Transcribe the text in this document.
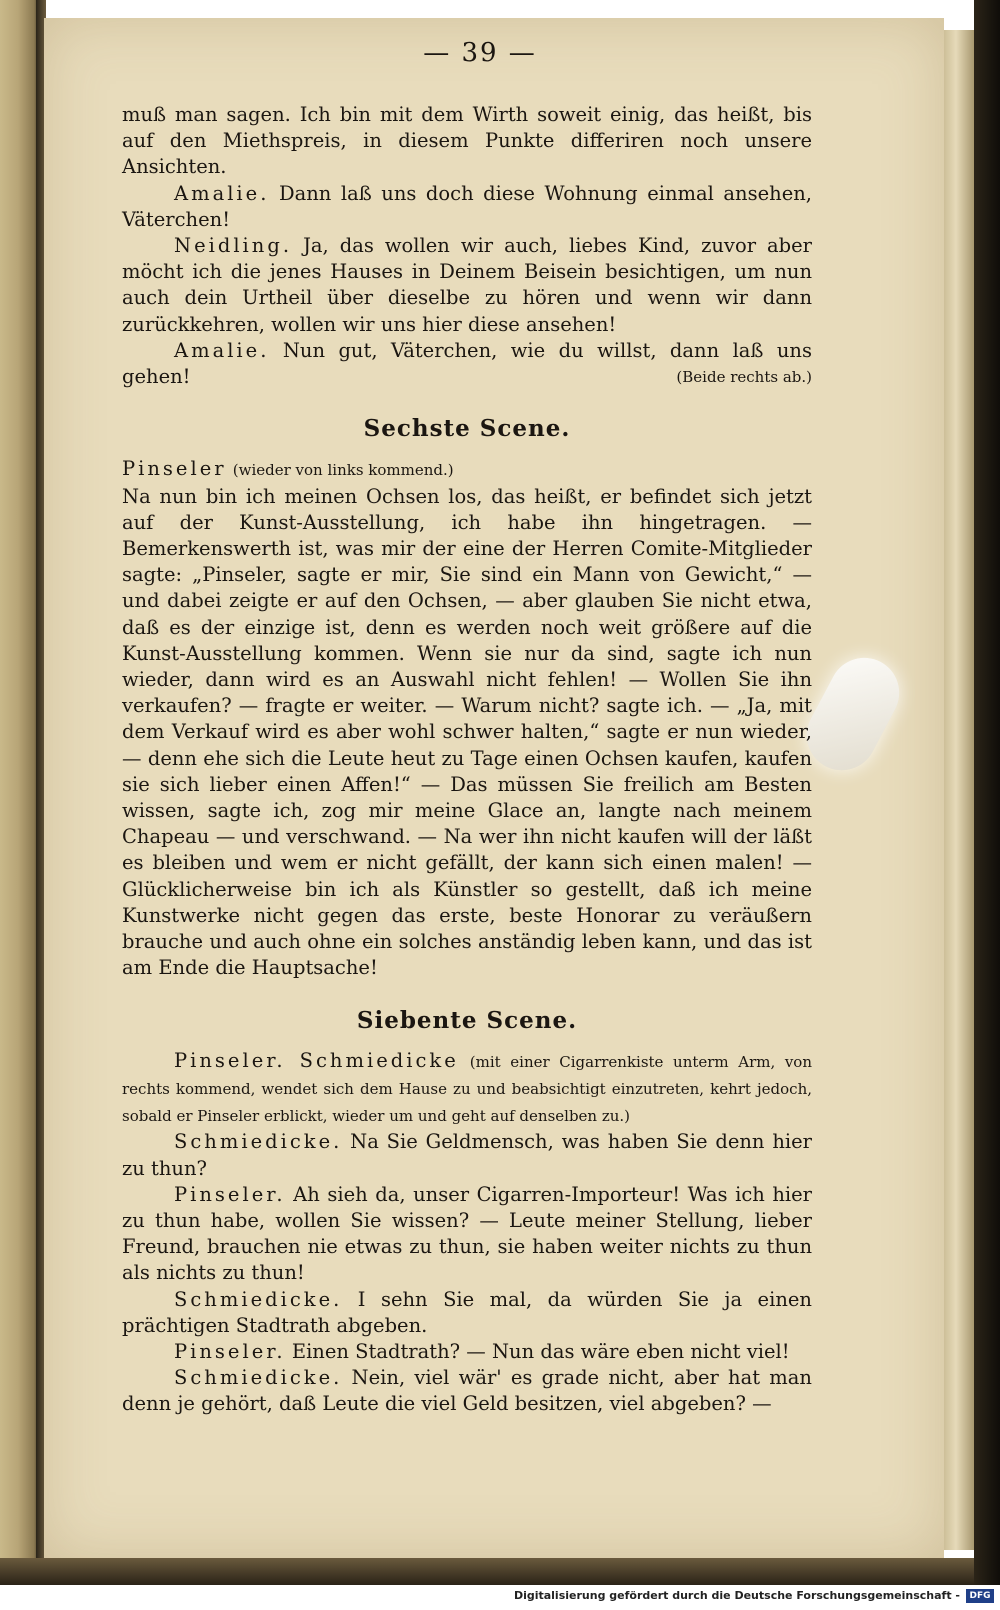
— 39 —

muß man sagen. Ich bin mit dem Wirth soweit einig, das heißt, bis auf den Miethspreis, in diesem Punkte differiren noch unsere Ansichten.

Amalie. Dann laß uns doch diese Wohnung einmal ansehen, Väterchen!

Neidling. Ja, das wollen wir auch, liebes Kind, zuvor aber möcht ich die jenes Hauses in Deinem Beisein besichtigen, um nun auch dein Urtheil über dieselbe zu hören und wenn wir dann zurückkehren, wollen wir uns hier diese ansehen!

Amalie. Nun gut, Väterchen, wie du willst, dann laß uns gehen!	(Beide rechts ab.)

Sechste Scene.

Pinseler (wieder von links kommend.)

Na nun bin ich meinen Ochsen los, das heißt, er befindet sich jetzt auf der Kunst-Ausstellung, ich habe ihn hingetragen. — Bemerkenswerth ist, was mir der eine der Herren Comite-Mitglieder sagte: „Pinseler, sagte er mir, Sie sind ein Mann von Gewicht,“ — und dabei zeigte er auf den Ochsen, — aber glauben Sie nicht etwa, daß es der einzige ist, denn es werden noch weit größere auf die Kunst-Ausstellung kommen. Wenn sie nur da sind, sagte ich nun wieder, dann wird es an Auswahl nicht fehlen! — Wollen Sie ihn verkaufen? — fragte er weiter. — Warum nicht? sagte ich. — „Ja, mit dem Verkauf wird es aber wohl schwer halten,“ sagte er nun wieder, — denn ehe sich die Leute heut zu Tage einen Ochsen kaufen, kaufen sie sich lieber einen Affen!“ — Das müssen Sie freilich am Besten wissen, sagte ich, zog mir meine Glace an, langte nach meinem Chapeau — und verschwand. — Na wer ihn nicht kaufen will der läßt es bleiben und wem er nicht gefällt, der kann sich einen malen! — Glücklicherweise bin ich als Künstler so gestellt, daß ich meine Kunstwerke nicht gegen das erste, beste Honorar zu veräußern brauche und auch ohne ein solches anständig leben kann, und das ist am Ende die Hauptsache!

Siebente Scene.

Pinseler. Schmiedicke (mit einer Cigarrenkiste unterm Arm, von rechts kommend, wendet sich dem Hause zu und beabsichtigt einzutreten, kehrt jedoch, sobald er Pinseler erblickt, wieder um und geht auf denselben zu.)

Schmiedicke. Na Sie Geldmensch, was haben Sie denn hier zu thun?

Pinseler. Ah sieh da, unser Cigarren-Importeur! Was ich hier zu thun habe, wollen Sie wissen? — Leute meiner Stellung, lieber Freund, brauchen nie etwas zu thun, sie haben weiter nichts zu thun als nichts zu thun!

Schmiedicke. I sehn Sie mal, da würden Sie ja einen prächtigen Stadtrath abgeben.

Pinseler. Einen Stadtrath? — Nun das wäre eben nicht viel!

Schmiedicke. Nein, viel wär' es grade nicht, aber hat man denn je gehört, daß Leute die viel Geld besitzen, viel abgeben? —

Digitalisierung gefördert durch die Deutsche Forschungsgemeinschaft -	DFG
